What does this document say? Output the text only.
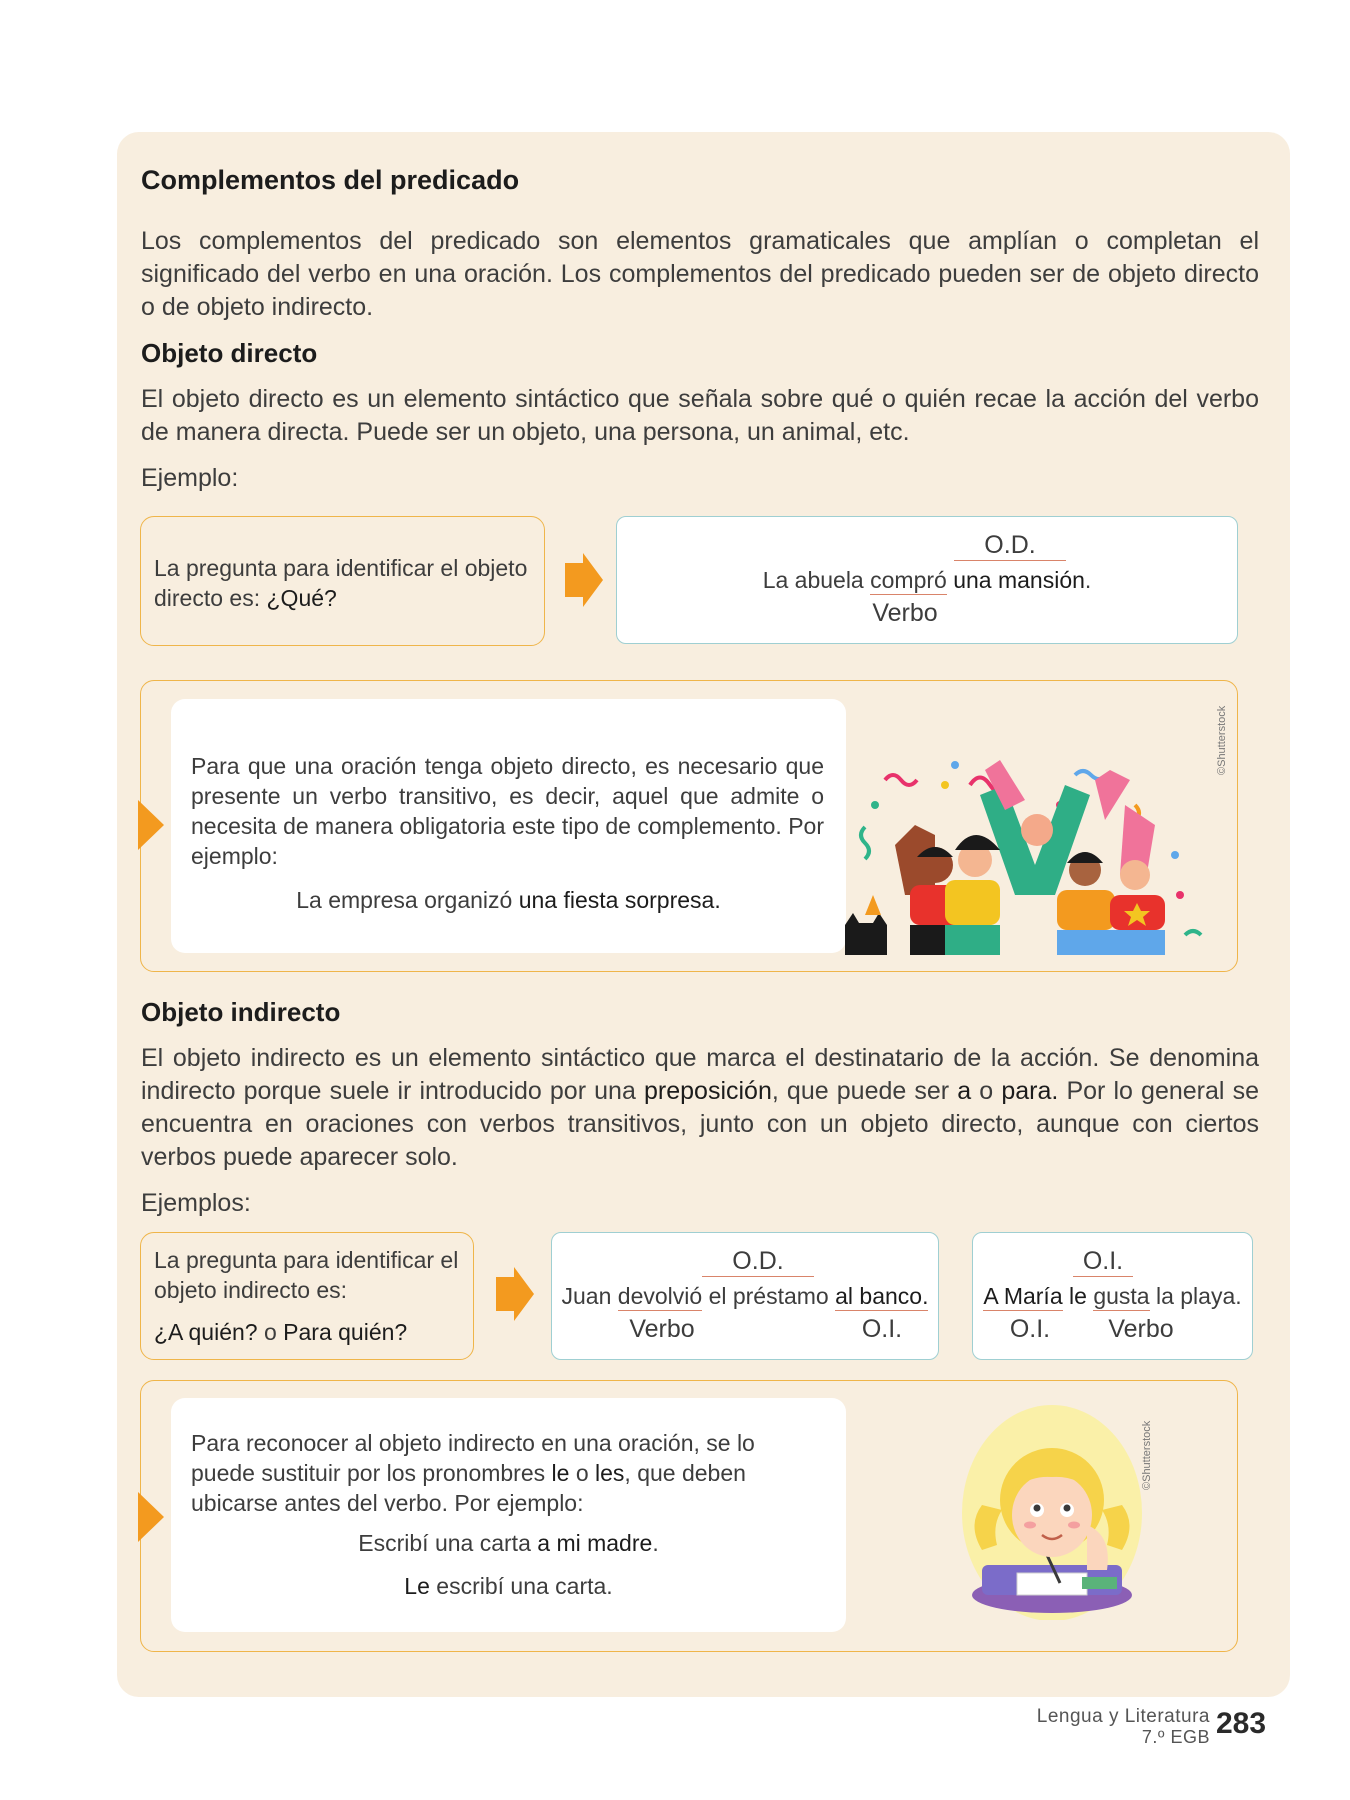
Complementos del predicado
Los complementos del predicado son elementos gramaticales que amplían o completan el significado del verbo en una oración. Los complementos del predicado pueden ser de objeto directo o de objeto indirecto.
Objeto directo
El objeto directo es un elemento sintáctico que señala sobre qué o quién recae la acción del verbo de manera directa. Puede ser un objeto, una persona, un animal, etc.
Ejemplo:
La pregunta para identificar el objeto directo es: ¿Qué?
O.D.
La abuela compró una mansión.
Verbo
Para que una oración tenga objeto directo, es necesario que presente un verbo transitivo, es decir, aquel que admite o necesita de manera obligatoria este tipo de complemento. Por ejemplo:
La empresa organizó una fiesta sorpresa.
©Shutterstock
Objeto indirecto
El objeto indirecto es un elemento sintáctico que marca el destinatario de la acción. Se denomina indirecto porque suele ir introducido por una preposición, que puede ser a o para. Por lo general se encuentra en oraciones con verbos transitivos, junto con un objeto directo, aunque con ciertos verbos puede aparecer solo.
Ejemplos:
La pregunta para identificar el objeto indirecto es:
¿A quién? o Para quién?
O.D.
Juan devolvió el préstamo al banco.
Verbo	O.I.
O.I.
A María le gusta la playa.
O.I.	Verbo
Para reconocer al objeto indirecto en una oración, se lo puede sustituir por los pronombres le o les, que deben ubicarse antes del verbo. Por ejemplo:
Escribí una carta a mi madre.
Le escribí una carta.
©Shutterstock
Lengua y Literatura
7.º EGB 283
